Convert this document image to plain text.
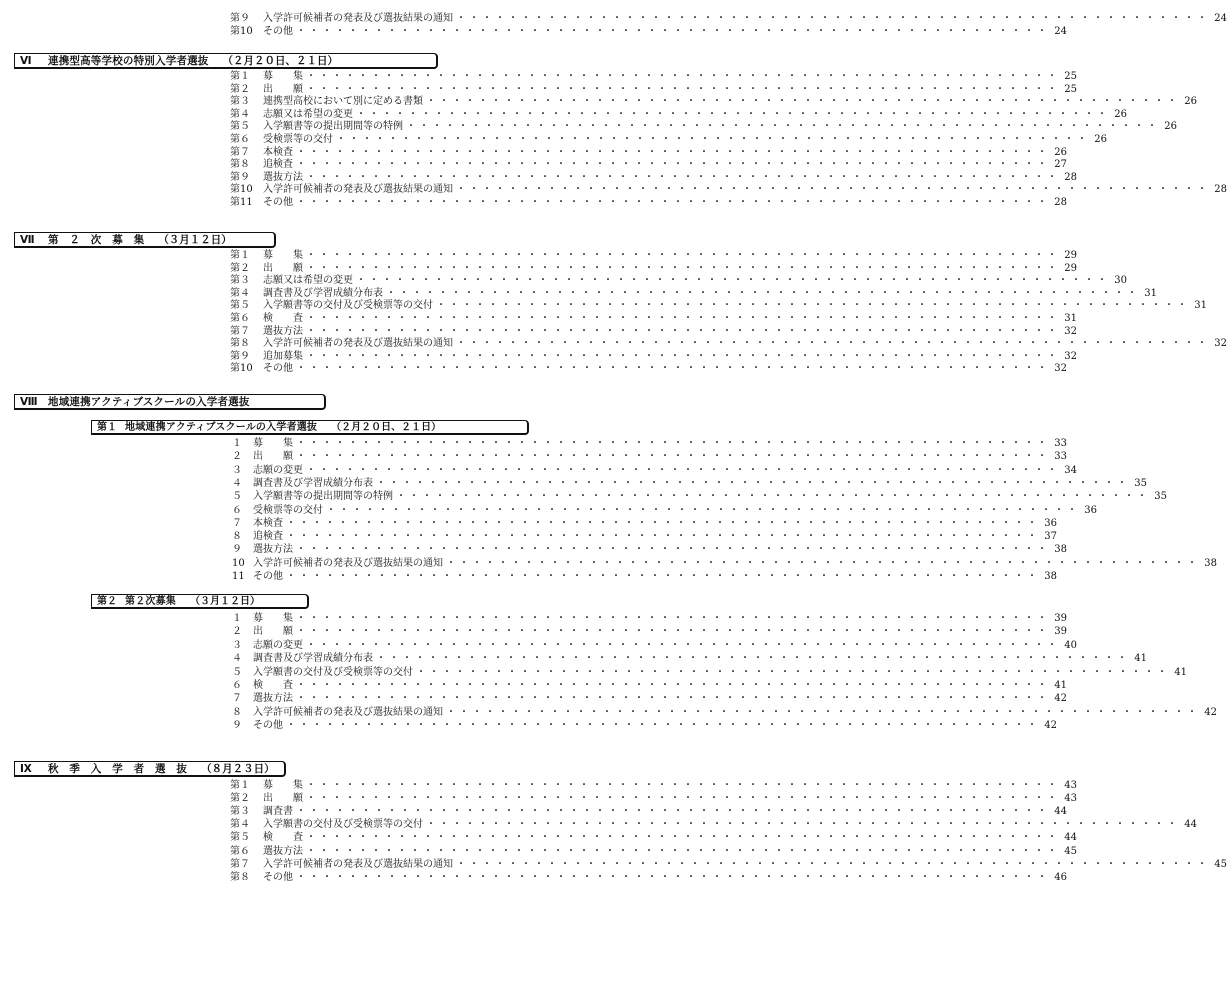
第９	入学許可候補者の発表及び選抜結果の通知 ・・・・・・・・・・・・・・・・・・・・・・・・・・・・・・・・・・・・・・・・・・・・・・・・・・・・・・・・・・ 24
第10	その他 ・・・・・・・・・・・・・・・・・・・・・・・・・・・・・・・・・・・・・・・・・・・・・・・・・・・・・・・・・・ 24
Ⅵ 連携型高等学校の特別入学者選抜 （２月２０日、２１日）
第１	募　　集 ・・・・・・・・・・・・・・・・・・・・・・・・・・・・・・・・・・・・・・・・・・・・・・・・・・・・・・・・・・ 25
第２	出　　願 ・・・・・・・・・・・・・・・・・・・・・・・・・・・・・・・・・・・・・・・・・・・・・・・・・・・・・・・・・・ 25
第３	連携型高校において別に定める書類 ・・・・・・・・・・・・・・・・・・・・・・・・・・・・・・・・・・・・・・・・・・・・・・・・・・・・・・・・・・ 26
第４	志願又は希望の変更 ・・・・・・・・・・・・・・・・・・・・・・・・・・・・・・・・・・・・・・・・・・・・・・・・・・・・・・・・・・ 26
第５	入学願書等の提出期間等の特例 ・・・・・・・・・・・・・・・・・・・・・・・・・・・・・・・・・・・・・・・・・・・・・・・・・・・・・・・・・・ 26
第６	受検票等の交付 ・・・・・・・・・・・・・・・・・・・・・・・・・・・・・・・・・・・・・・・・・・・・・・・・・・・・・・・・・・ 26
第７	本検査 ・・・・・・・・・・・・・・・・・・・・・・・・・・・・・・・・・・・・・・・・・・・・・・・・・・・・・・・・・・ 26
第８	追検査 ・・・・・・・・・・・・・・・・・・・・・・・・・・・・・・・・・・・・・・・・・・・・・・・・・・・・・・・・・・ 27
第９	選抜方法 ・・・・・・・・・・・・・・・・・・・・・・・・・・・・・・・・・・・・・・・・・・・・・・・・・・・・・・・・・・ 28
第10	入学許可候補者の発表及び選抜結果の通知 ・・・・・・・・・・・・・・・・・・・・・・・・・・・・・・・・・・・・・・・・・・・・・・・・・・・・・・・・・・ 28
第11	その他 ・・・・・・・・・・・・・・・・・・・・・・・・・・・・・・・・・・・・・・・・・・・・・・・・・・・・・・・・・・ 28
Ⅶ 第　２　次　募　集 （３月１２日）
第１	募　　集 ・・・・・・・・・・・・・・・・・・・・・・・・・・・・・・・・・・・・・・・・・・・・・・・・・・・・・・・・・・ 29
第２	出　　願 ・・・・・・・・・・・・・・・・・・・・・・・・・・・・・・・・・・・・・・・・・・・・・・・・・・・・・・・・・・ 29
第３	志願又は希望の変更 ・・・・・・・・・・・・・・・・・・・・・・・・・・・・・・・・・・・・・・・・・・・・・・・・・・・・・・・・・・ 30
第４	調査書及び学習成績分布表 ・・・・・・・・・・・・・・・・・・・・・・・・・・・・・・・・・・・・・・・・・・・・・・・・・・・・・・・・・・ 31
第５	入学願書等の交付及び受検票等の交付 ・・・・・・・・・・・・・・・・・・・・・・・・・・・・・・・・・・・・・・・・・・・・・・・・・・・・・・・・・・ 31
第６	検　　査 ・・・・・・・・・・・・・・・・・・・・・・・・・・・・・・・・・・・・・・・・・・・・・・・・・・・・・・・・・・ 31
第７	選抜方法 ・・・・・・・・・・・・・・・・・・・・・・・・・・・・・・・・・・・・・・・・・・・・・・・・・・・・・・・・・・ 32
第８	入学許可候補者の発表及び選抜結果の通知 ・・・・・・・・・・・・・・・・・・・・・・・・・・・・・・・・・・・・・・・・・・・・・・・・・・・・・・・・・・ 32
第９	追加募集 ・・・・・・・・・・・・・・・・・・・・・・・・・・・・・・・・・・・・・・・・・・・・・・・・・・・・・・・・・・ 32
第10	その他 ・・・・・・・・・・・・・・・・・・・・・・・・・・・・・・・・・・・・・・・・・・・・・・・・・・・・・・・・・・ 32
Ⅷ 地域連携アクティブスクールの入学者選抜
第１ 地域連携アクティブスクールの入学者選抜 （２月２０日、２１日）
１	募　　集 ・・・・・・・・・・・・・・・・・・・・・・・・・・・・・・・・・・・・・・・・・・・・・・・・・・・・・・・・・・ 33
２	出　　願 ・・・・・・・・・・・・・・・・・・・・・・・・・・・・・・・・・・・・・・・・・・・・・・・・・・・・・・・・・・ 33
３	志願の変更 ・・・・・・・・・・・・・・・・・・・・・・・・・・・・・・・・・・・・・・・・・・・・・・・・・・・・・・・・・・ 34
４	調査書及び学習成績分布表 ・・・・・・・・・・・・・・・・・・・・・・・・・・・・・・・・・・・・・・・・・・・・・・・・・・・・・・・・・・ 35
５	入学願書等の提出期間等の特例 ・・・・・・・・・・・・・・・・・・・・・・・・・・・・・・・・・・・・・・・・・・・・・・・・・・・・・・・・・・ 35
６	受検票等の交付 ・・・・・・・・・・・・・・・・・・・・・・・・・・・・・・・・・・・・・・・・・・・・・・・・・・・・・・・・・・ 36
７	本検査 ・・・・・・・・・・・・・・・・・・・・・・・・・・・・・・・・・・・・・・・・・・・・・・・・・・・・・・・・・・ 36
８	追検査 ・・・・・・・・・・・・・・・・・・・・・・・・・・・・・・・・・・・・・・・・・・・・・・・・・・・・・・・・・・ 37
９	選抜方法 ・・・・・・・・・・・・・・・・・・・・・・・・・・・・・・・・・・・・・・・・・・・・・・・・・・・・・・・・・・ 38
10 入学許可候補者の発表及び選抜結果の通知 ・・・・・・・・・・・・・・・・・・・・・・・・・・・・・・・・・・・・・・・・・・・・・・・・・・・・・・・・・・ 38
11 その他 ・・・・・・・・・・・・・・・・・・・・・・・・・・・・・・・・・・・・・・・・・・・・・・・・・・・・・・・・・・ 38
第２ 第２次募集 （３月１２日）
１	募　　集 ・・・・・・・・・・・・・・・・・・・・・・・・・・・・・・・・・・・・・・・・・・・・・・・・・・・・・・・・・・ 39
２	出　　願 ・・・・・・・・・・・・・・・・・・・・・・・・・・・・・・・・・・・・・・・・・・・・・・・・・・・・・・・・・・ 39
３	志願の変更 ・・・・・・・・・・・・・・・・・・・・・・・・・・・・・・・・・・・・・・・・・・・・・・・・・・・・・・・・・・ 40
４	調査書及び学習成績分布表 ・・・・・・・・・・・・・・・・・・・・・・・・・・・・・・・・・・・・・・・・・・・・・・・・・・・・・・・・・・ 41
５	入学願書の交付及び受検票等の交付 ・・・・・・・・・・・・・・・・・・・・・・・・・・・・・・・・・・・・・・・・・・・・・・・・・・・・・・・・・・ 41
６	検　　査 ・・・・・・・・・・・・・・・・・・・・・・・・・・・・・・・・・・・・・・・・・・・・・・・・・・・・・・・・・・ 41
７	選抜方法 ・・・・・・・・・・・・・・・・・・・・・・・・・・・・・・・・・・・・・・・・・・・・・・・・・・・・・・・・・・ 42
８	入学許可候補者の発表及び選抜結果の通知 ・・・・・・・・・・・・・・・・・・・・・・・・・・・・・・・・・・・・・・・・・・・・・・・・・・・・・・・・・・ 42
９	その他 ・・・・・・・・・・・・・・・・・・・・・・・・・・・・・・・・・・・・・・・・・・・・・・・・・・・・・・・・・・ 42
Ⅸ 秋　季　入　学　者　選　抜 （８月２３日）
第１	募　　集 ・・・・・・・・・・・・・・・・・・・・・・・・・・・・・・・・・・・・・・・・・・・・・・・・・・・・・・・・・・ 43
第２	出　　願 ・・・・・・・・・・・・・・・・・・・・・・・・・・・・・・・・・・・・・・・・・・・・・・・・・・・・・・・・・・ 43
第３	調査書 ・・・・・・・・・・・・・・・・・・・・・・・・・・・・・・・・・・・・・・・・・・・・・・・・・・・・・・・・・・ 44
第４	入学願書の交付及び受検票等の交付 ・・・・・・・・・・・・・・・・・・・・・・・・・・・・・・・・・・・・・・・・・・・・・・・・・・・・・・・・・・ 44
第５	検　　査 ・・・・・・・・・・・・・・・・・・・・・・・・・・・・・・・・・・・・・・・・・・・・・・・・・・・・・・・・・・ 44
第６	選抜方法 ・・・・・・・・・・・・・・・・・・・・・・・・・・・・・・・・・・・・・・・・・・・・・・・・・・・・・・・・・・ 45
第７	入学許可候補者の発表及び選抜結果の通知 ・・・・・・・・・・・・・・・・・・・・・・・・・・・・・・・・・・・・・・・・・・・・・・・・・・・・・・・・・・ 45
第８	その他 ・・・・・・・・・・・・・・・・・・・・・・・・・・・・・・・・・・・・・・・・・・・・・・・・・・・・・・・・・・ 46
